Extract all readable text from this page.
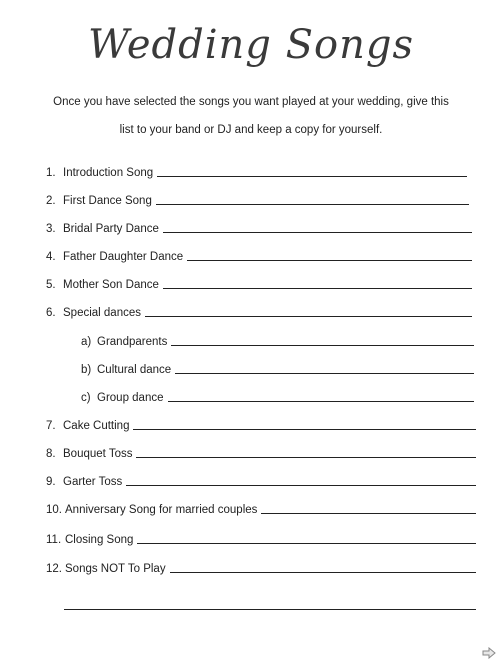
Wedding Songs
Once you have selected the songs you want played at your wedding, give this
list to your band or DJ and keep a copy for yourself.
1. Introduction Song
2. First Dance Song
3. Bridal Party Dance
4. Father Daughter Dance
5. Mother Son Dance
6. Special dances
a) Grandparents
b) Cultural dance
c) Group dance
7. Cake Cutting
8. Bouquet Toss
9. Garter Toss
10. Anniversary Song for married couples
11. Closing Song
12. Songs NOT To Play
